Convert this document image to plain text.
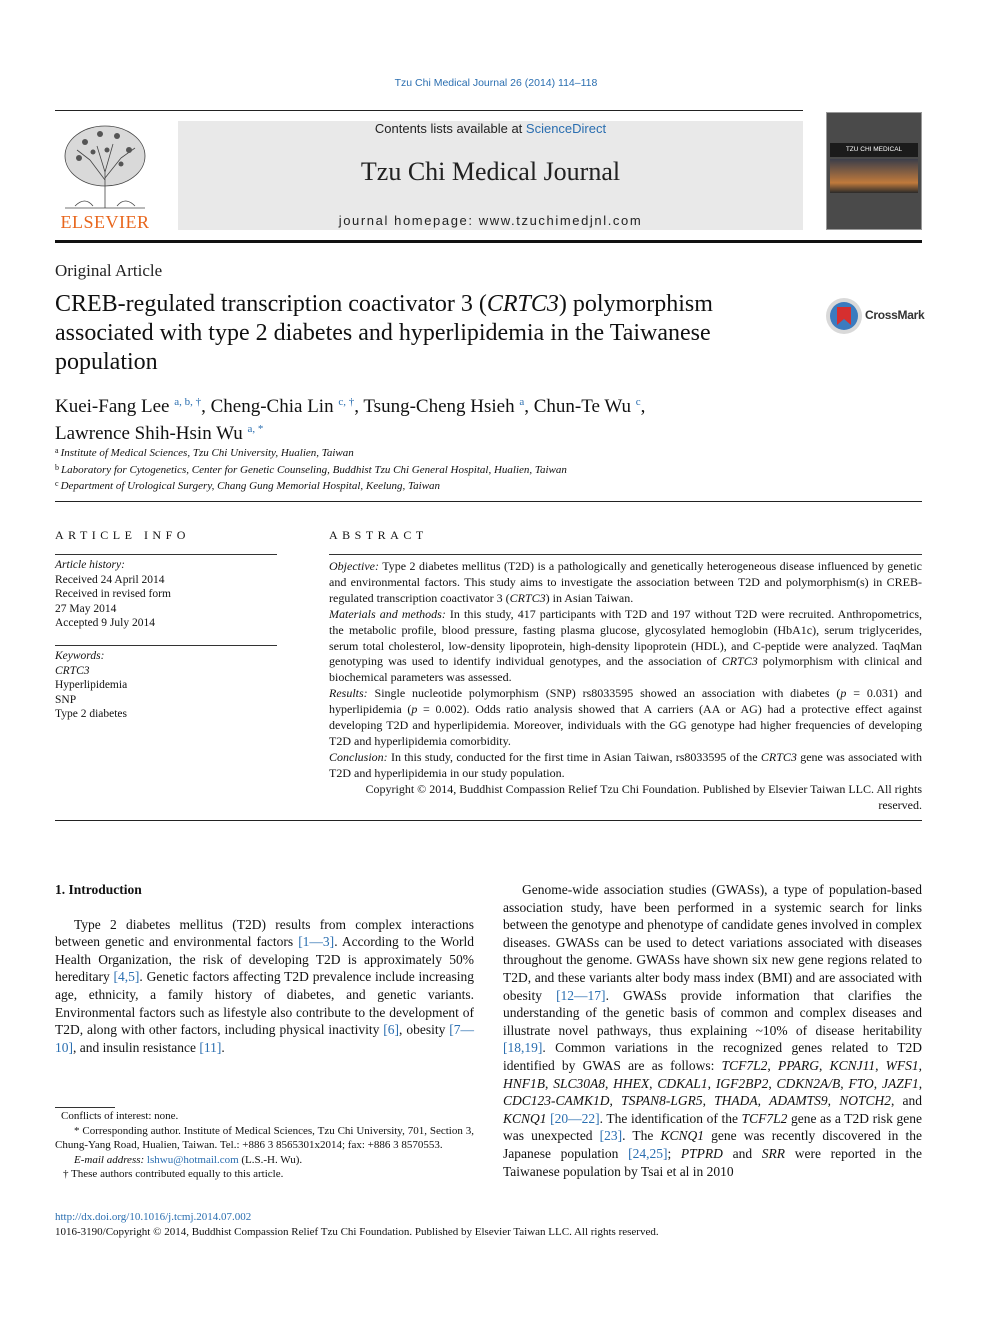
Tzu Chi Medical Journal 26 (2014) 114–118
ELSEVIER
Contents lists available at ScienceDirect
Tzu Chi Medical Journal
journal homepage: www.tzuchimedjnl.com
TZU CHI MEDICAL
Original Article
CREB-regulated transcription coactivator 3 (CRTC3) polymorphism associated with type 2 diabetes and hyperlipidemia in the Taiwanese population
CrossMark
Kuei-Fang Lee $^{a, b, \dagger}$, Cheng-Chia Lin $^{c, \dagger}$, Tsung-Cheng Hsieh $^a$, Chun-Te Wu $^c$,
Lawrence Shih-Hsin Wu $^{a, *}$
$^a$ Institute of Medical Sciences, Tzu Chi University, Hualien, Taiwan
$^b$ Laboratory for Cytogenetics, Center for Genetic Counseling, Buddhist Tzu Chi General Hospital, Hualien, Taiwan
$^c$ Department of Urological Surgery, Chang Gung Memorial Hospital, Keelung, Taiwan
ARTICLE INFO
Article history:
Received 24 April 2014
Received in revised form
27 May 2014
Accepted 9 July 2014
Keywords:
CRTC3
Hyperlipidemia
SNP
Type 2 diabetes
ABSTRACT

Objective: Type 2 diabetes mellitus (T2D) is a pathologically and genetically heterogeneous disease influenced by genetic and environmental factors. This study aims to investigate the association between T2D and polymorphism(s) in CREB-regulated transcription coactivator 3 (CRTC3) in Asian Taiwan.

Materials and methods: In this study, 417 participants with T2D and 197 without T2D were recruited. Anthropometrics, the metabolic profile, blood pressure, fasting plasma glucose, glycosylated hemoglobin (HbA1c), serum triglycerides, serum total cholesterol, low-density lipoprotein, high-density lipoprotein (HDL), and C-peptide were analyzed. TaqMan genotyping was used to identify individual genotypes, and the association of CRTC3 polymorphism with clinical and biochemical parameters was assessed.

Results: Single nucleotide polymorphism (SNP) rs8033595 showed an association with diabetes (p = 0.031) and hyperlipidemia (p = 0.002). Odds ratio analysis showed that A carriers (AA or AG) had a protective effect against developing T2D and hyperlipidemia. Moreover, individuals with the GG genotype had higher frequencies of developing T2D and hyperlipidemia comorbidity.

Conclusion: In this study, conducted for the first time in Asian Taiwan, rs8033595 of the CRTC3 gene was associated with T2D and hyperlipidemia in our study population.

Copyright © 2014, Buddhist Compassion Relief Tzu Chi Foundation. Published by Elsevier Taiwan LLC. All rights reserved.

1. Introduction

Type 2 diabetes mellitus (T2D) results from complex interactions between genetic and environmental factors [1—3]. According to the World Health Organization, the risk of developing T2D is approximately 50% hereditary [4,5]. Genetic factors affecting T2D prevalence include increasing age, ethnicity, a family history of diabetes, and genetic variants. Environmental factors such as lifestyle also contribute to the development of T2D, along with other factors, including physical inactivity [6], obesity [7—10], and insulin resistance [11].

Genome-wide association studies (GWASs), a type of population-based association study, have been performed in a systemic search for links between the genotype and phenotype of candidate genes involved in complex diseases. GWASs can be used to detect variations associated with diseases throughout the genome. GWASs have shown six new gene regions related to T2D, and these variants alter body mass index (BMI) and are associated with obesity [12—17]. GWASs provide information that clarifies the understanding of the genetic basis of common and complex diseases and illustrate novel pathways, thus explaining ~10% of disease heritability [18,19]. Common variations in the recognized genes related to T2D identified by GWAS are as follows: TCF7L2, PPARG, KCNJ11, WFS1, HNF1B, SLC30A8, HHEX, CDKAL1, IGF2BP2, CDKN2A/B, FTO, JAZF1, CDC123-CAMK1D, TSPAN8-LGR5, THADA, ADAMTS9, NOTCH2, and KCNQ1 [20—22]. The identification of the TCF7L2 gene as a T2D risk gene was unexpected [23]. The KCNQ1 gene was recently discovered in the Japanese population [24,25]; PTPRD and SRR were reported in the Taiwanese population by Tsai et al in 2010

Conflicts of interest: none.

* Corresponding author. Institute of Medical Sciences, Tzu Chi University, 701, Section 3, Chung-Yang Road, Hualien, Taiwan. Tel.: +886 3 8565301x2014; fax: +886 3 8570553.

E-mail address: lshwu@hotmail.com (L.S.-H. Wu).

† These authors contributed equally to this article.

http://dx.doi.org/10.1016/j.tcmj.2014.07.002
1016-3190/Copyright © 2014, Buddhist Compassion Relief Tzu Chi Foundation. Published by Elsevier Taiwan LLC. All rights reserved.
